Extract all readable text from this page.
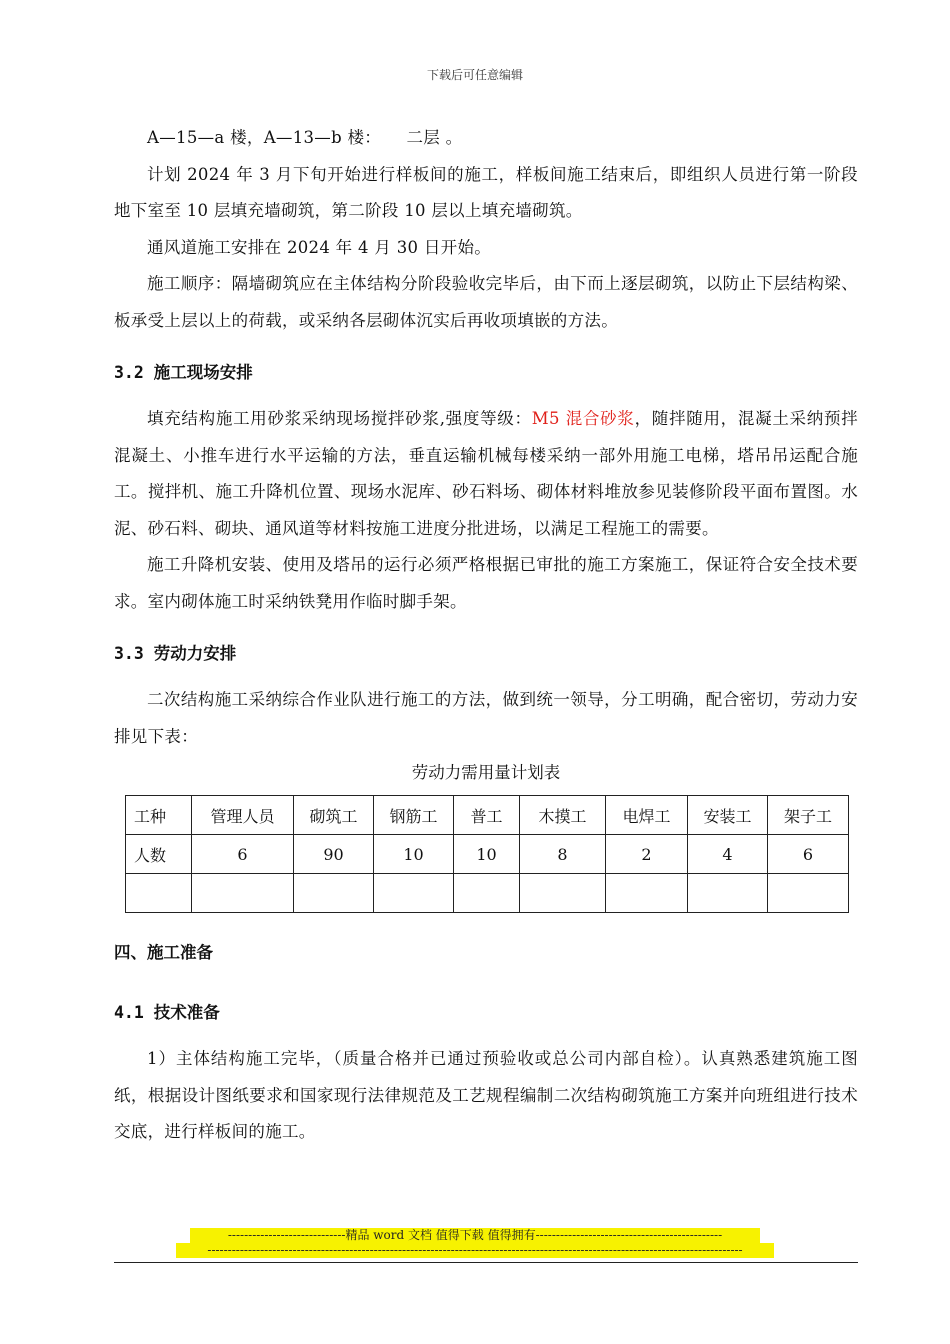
下载后可任意编辑

A—15—a 楼，A—13—b 楼：　　二层 。

计划 2024 年 3 月下旬开始进行样板间的施工，样板间施工结束后，即组织人员进行第一阶段地下室至 10 层填充墙砌筑，第二阶段 10 层以上填充墙砌筑。

通风道施工安排在 2024 年 4 月 30 日开始。

施工顺序：隔墙砌筑应在主体结构分阶段验收完毕后，由下而上逐层砌筑，以防止下层结构梁、板承受上层以上的荷载，或采纳各层砌体沉实后再收项填嵌的方法。

3.2 施工现场安排

填充结构施工用砂浆采纳现场搅拌砂浆,强度等级：M5 混合砂浆，随拌随用，混凝土采纳预拌混凝土、小推车进行水平运输的方法，垂直运输机械每楼采纳一部外用施工电梯，塔吊吊运配合施工。搅拌机、施工升降机位置、现场水泥库、砂石料场、砌体材料堆放参见装修阶段平面布置图。水泥、砂石料、砌块、通风道等材料按施工进度分批进场，以满足工程施工的需要。

施工升降机安装、使用及塔吊的运行必须严格根据已审批的施工方案施工，保证符合安全技术要求。室内砌体施工时采纳铁凳用作临时脚手架。

3.3 劳动力安排

二次结构施工采纳综合作业队进行施工的方法，做到统一领导，分工明确，配合密切，劳动力安排见下表：

劳动力需用量计划表
工种	管理人员	砌筑工	钢筋工	普工	木摸工	电焊工	安装工	架子工
人数	6	90	10	10	8	2	4	6

四、施工准备
4.1 技术准备

1）主体结构施工完毕，（质量合格并已通过预验收或总公司内部自检）。认真熟悉建筑施工图纸，根据设计图纸要求和国家现行法律规范及工艺规程编制二次结构砌筑施工方案并向班组进行技术交底，进行样板间的施工。

-----------------------------精品 word 文档 值得下载 值得拥有----------------------------------------------
------------------------------------------------------------------------------------------------------------------------------------
